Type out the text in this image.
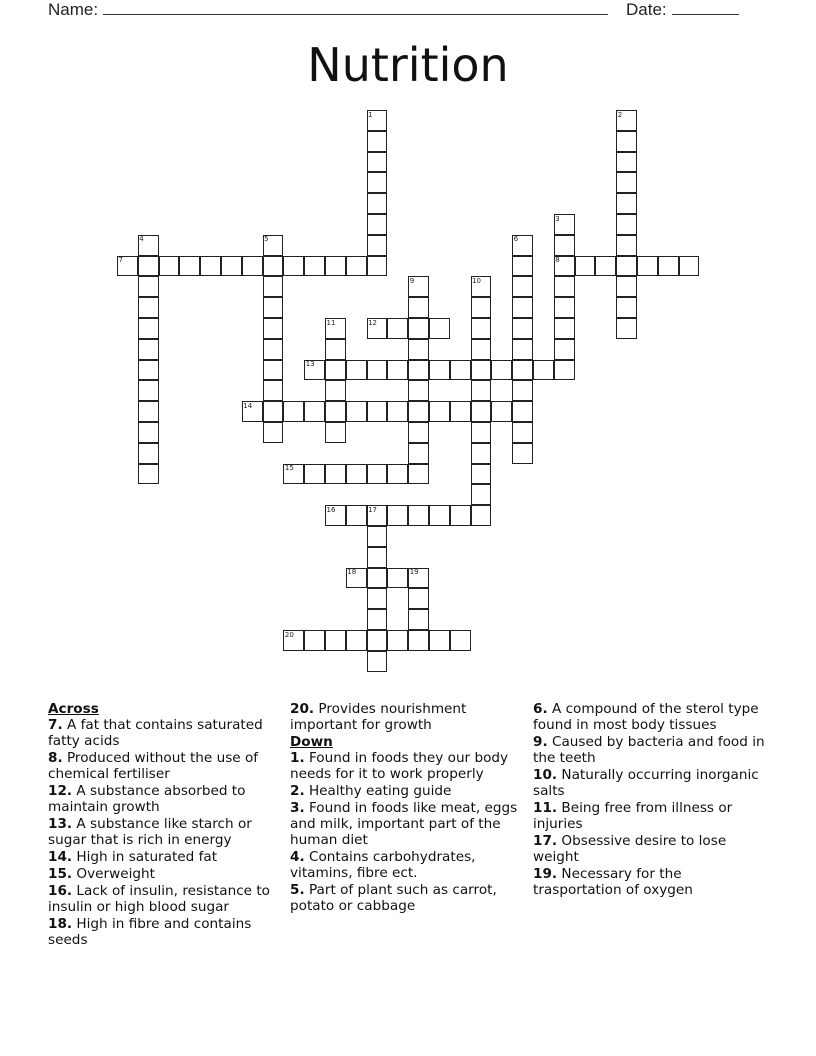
Name:	Date:
Nutrition
1	2
3
4	5	6
7	8
9	10
11	12
13
14
15
16	17
18	19
20
Across
7. A fat that contains saturated fatty acids
8. Produced without the use of chemical fertiliser
12. A substance absorbed to maintain growth
13. A substance like starch or sugar that is rich in energy
14. High in saturated fat
15. Overweight
16. Lack of insulin, resistance to insulin or high blood sugar
18. High in fibre and contains seeds
20. Provides nourishment important for growth
Down
1. Found in foods they our body needs for it to work properly
2. Healthy eating guide
3. Found in foods like meat, eggs and milk, important part of the human diet
4. Contains carbohydrates, vitamins, fibre ect.
5. Part of plant such as carrot, potato or cabbage
6. A compound of the sterol type found in most body tissues
9. Caused by bacteria and food in the teeth
10. Naturally occurring inorganic salts
11. Being free from illness or injuries
17. Obsessive desire to lose weight
19. Necessary for the trasportation of oxygen
